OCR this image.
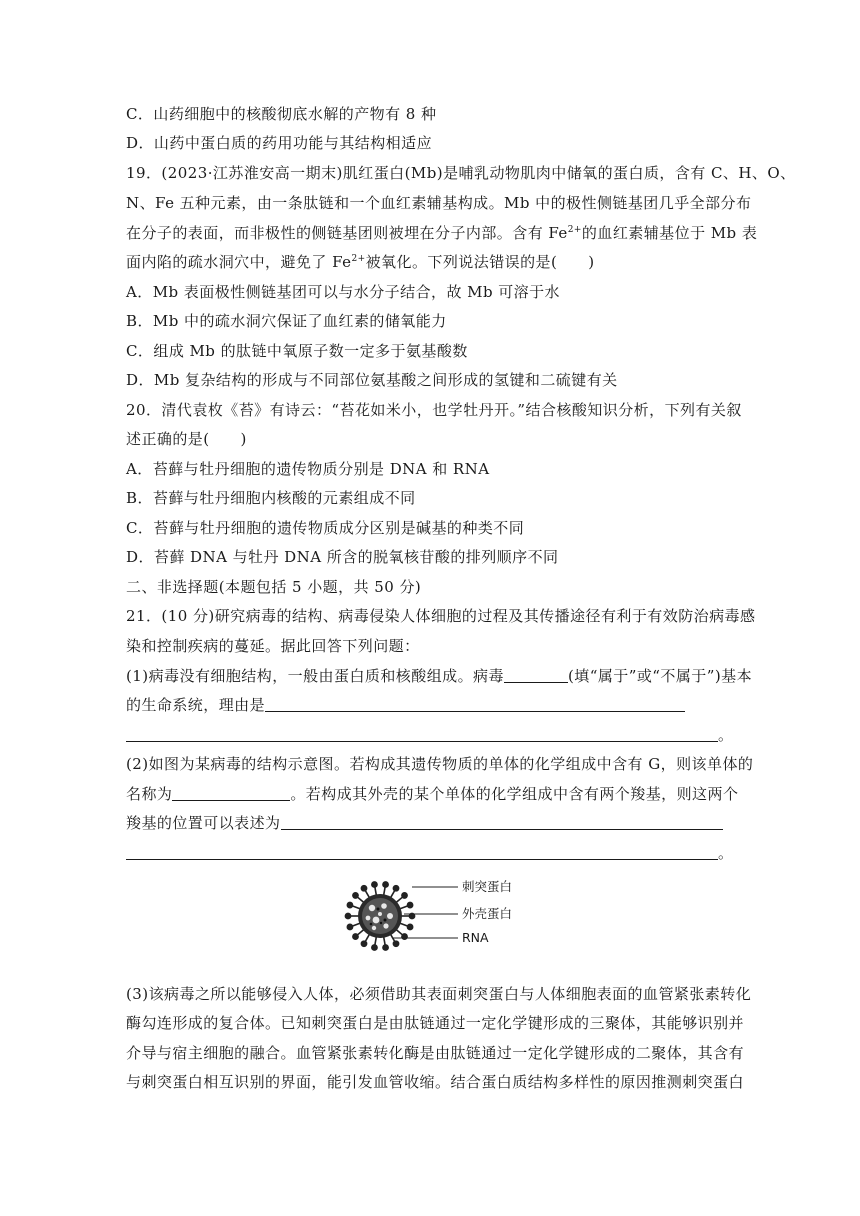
C．山药细胞中的核酸彻底水解的产物有 8 种
D．山药中蛋白质的药用功能与其结构相适应
19．(2023·江苏淮安高一期末)肌红蛋白(Mb)是哺乳动物肌肉中储氧的蛋白质，含有 C、H、O、
N、Fe 五种元素，由一条肽链和一个血红素辅基构成。Mb 中的极性侧链基团几乎全部分布
在分子的表面，而非极性的侧链基团则被埋在分子内部。含有 $Fe^{2+}$的血红素辅基位于 Mb 表
面内陷的疏水洞穴中，避免了 $Fe^{2+}$被氧化。下列说法错误的是(　　)
A．Mb 表面极性侧链基团可以与水分子结合，故 Mb 可溶于水
B．Mb 中的疏水洞穴保证了血红素的储氧能力
C．组成 Mb 的肽链中氧原子数一定多于氨基酸数
D．Mb 复杂结构的形成与不同部位氨基酸之间形成的氢键和二硫键有关
20．清代袁枚《苔》有诗云：“苔花如米小，也学牡丹开。”结合核酸知识分析，下列有关叙
述正确的是(　　)
A．苔藓与牡丹细胞的遗传物质分别是 DNA 和 RNA
B．苔藓与牡丹细胞内核酸的元素组成不同
C．苔藓与牡丹细胞的遗传物质成分区别是碱基的种类不同
D．苔藓 DNA 与牡丹 DNA 所含的脱氧核苷酸的排列顺序不同
二、非选择题(本题包括 5 小题，共 50 分)
21．(10 分)研究病毒的结构、病毒侵染人体细胞的过程及其传播途径有利于有效防治病毒感
染和控制疾病的蔓延。据此回答下列问题：
(1)病毒没有细胞结构，一般由蛋白质和核酸组成。病毒	(填“属于”或“不属于”)基本
的生命系统，理由是
。
(2)如图为某病毒的结构示意图。若构成其遗传物质的单体的化学组成中含有 G，则该单体的
名称为	。若构成其外壳的某个单体的化学组成中含有两个羧基，则这两个
羧基的位置可以表述为
。
刺突蛋白
外壳蛋白
RNA
(3)该病毒之所以能够侵入人体，必须借助其表面刺突蛋白与人体细胞表面的血管紧张素转化
酶勾连形成的复合体。已知刺突蛋白是由肽链通过一定化学键形成的三聚体，其能够识别并
介导与宿主细胞的融合。血管紧张素转化酶是由肽链通过一定化学键形成的二聚体，其含有
与刺突蛋白相互识别的界面，能引发血管收缩。结合蛋白质结构多样性的原因推测刺突蛋白
